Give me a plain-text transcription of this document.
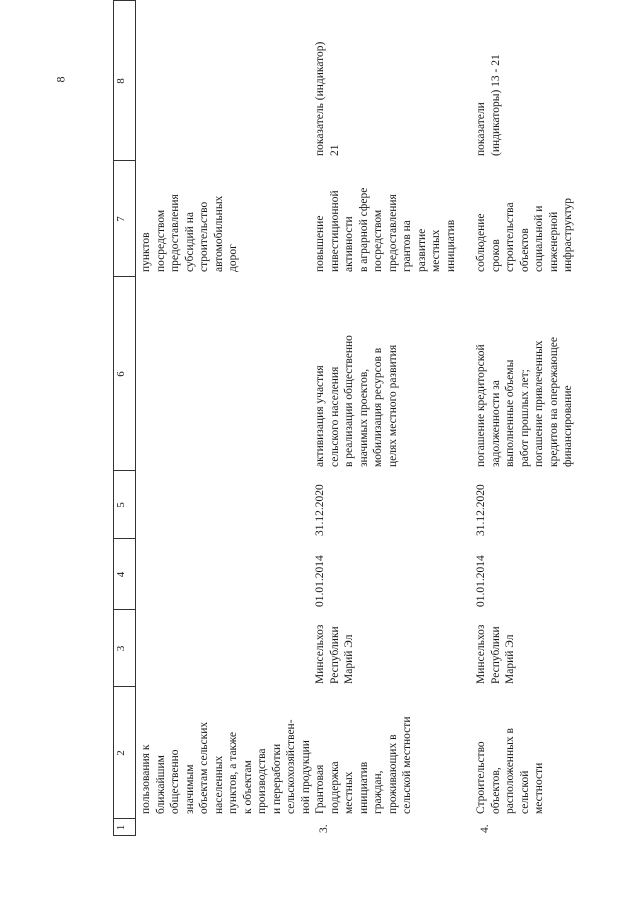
8
1
2
3
4
5
6
7
8
пользования к ближайшим общественно значимым объектам сельских населенных пунктов, а также к объектам производства и переработки сельскохозяйствен- ной продукции
пунктов посредством предоставления субсидий на строительство автомобильных дорог
3.
Грантовая поддержка местных инициатив граждан, проживающих в сельской местности
Минсельхоз Республики Марий Эл
01.01.2014
31.12.2020
активизация участия сельского населения в реализации общественно значимых проектов, мобилизация ресурсов в целях местного развития
повышение инвестиционной активности в аграрной сфере посредством предоставления грантов на развитие местных инициатив
показатель (индикатор) 21
4.
Строительство объектов, расположенных в сельской местности
Минсельхоз Республики Марий Эл
01.01.2014
31.12.2020
погашение кредиторской задолженности за выполненные объемы работ прошлых лет; погашение привлеченных кредитов на опережающее финансирование
соблюдение сроков строительства объектов социальной и инженерной инфраструктур
показатели (индикаторы) 13 - 21
